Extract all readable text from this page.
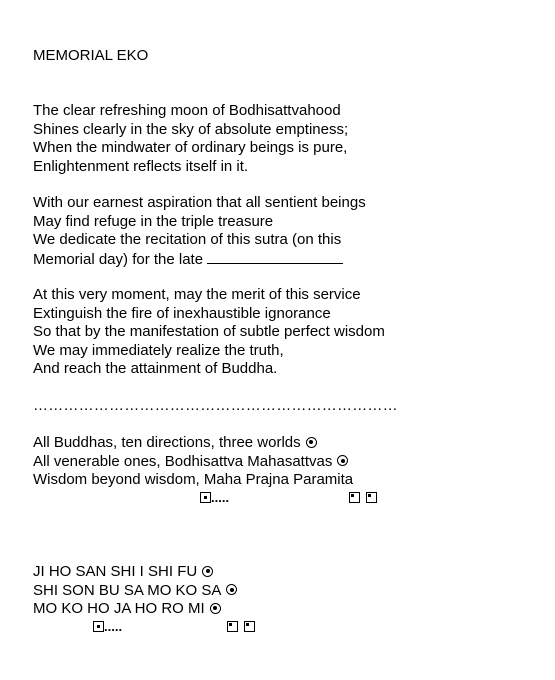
MEMORIAL EKO
The clear refreshing moon of Bodhisattvahood
Shines clearly in the sky of absolute emptiness;
When the mindwater of ordinary beings is pure,
Enlightenment reflects itself in it.
With our earnest aspiration that all sentient beings
May find refuge in the triple treasure
We dedicate the recitation of this sutra (on this
Memorial day) for the late
At this very moment, may the merit of this service
Extinguish the fire of inexhaustible ignorance
So that by the manifestation of subtle perfect wisdom
We may immediately realize the truth,
And reach the attainment of Buddha.
………………………………………………………………
All Buddhas, ten directions, three worlds
All venerable ones, Bodhisattva Mahasattvas
Wisdom beyond wisdom, Maha Prajna Paramita
.....
JI HO SAN SHI I SHI FU
SHI SON BU SA MO KO SA
MO KO HO JA HO RO MI
.....
